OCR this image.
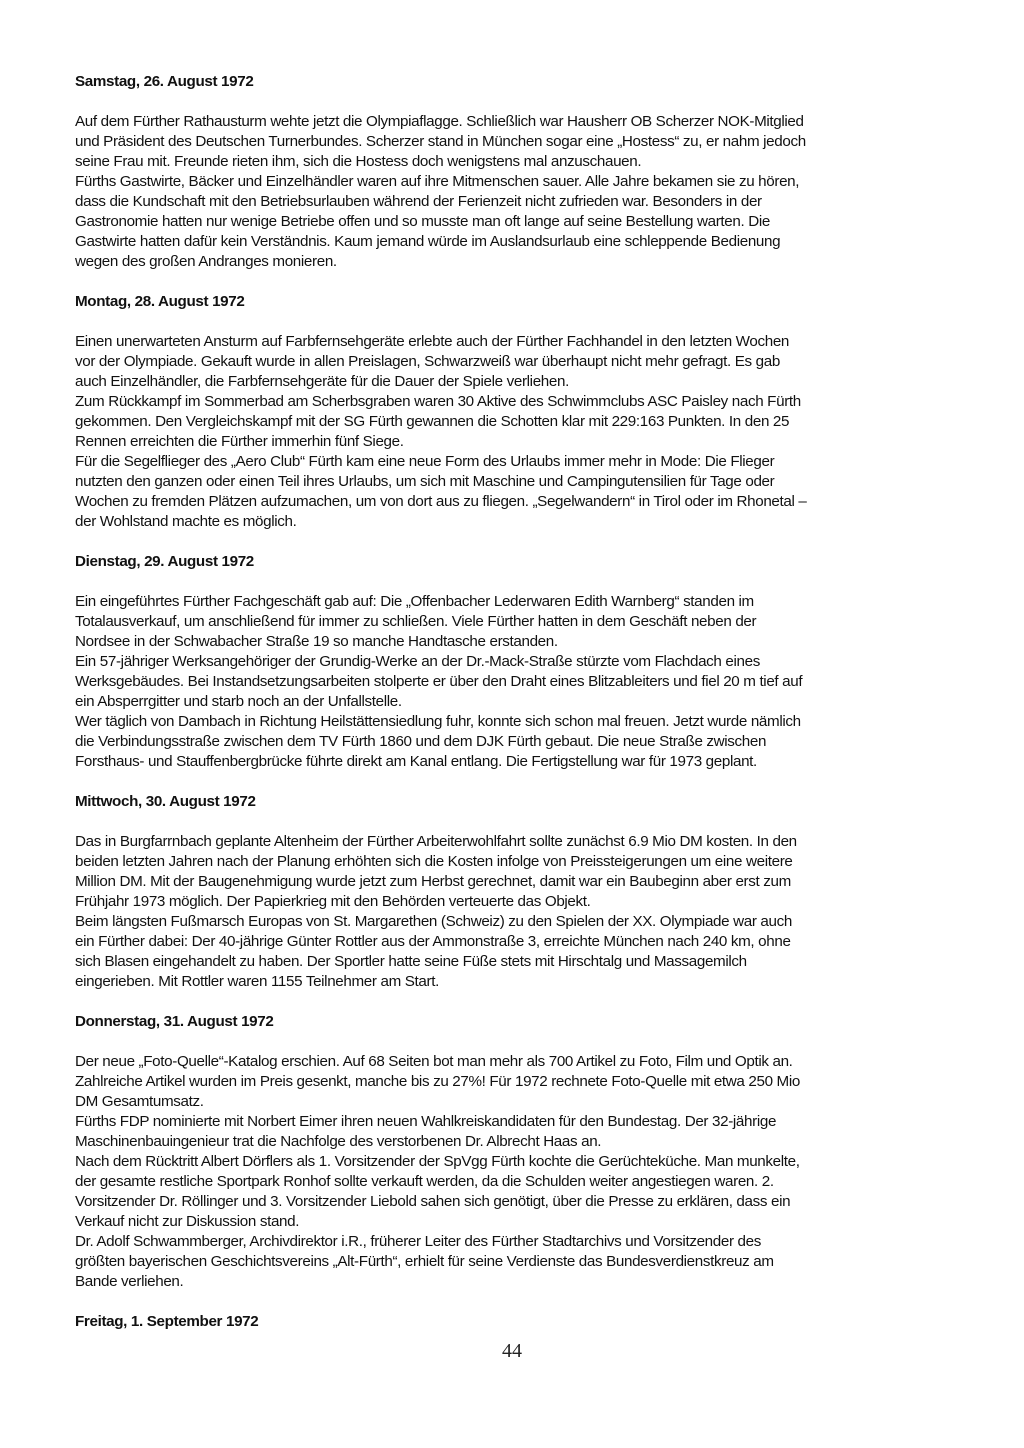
Samstag, 26. August 1972
Auf dem Fürther Rathausturm wehte jetzt die Olympiaflagge. Schließlich war Hausherr OB Scherzer NOK-Mitglied
und Präsident des Deutschen Turnerbundes. Scherzer stand in München sogar eine „Hostess“ zu, er nahm jedoch
seine Frau mit. Freunde rieten ihm, sich die Hostess doch wenigstens mal anzuschauen.
Fürths Gastwirte, Bäcker und Einzelhändler waren auf ihre Mitmenschen sauer. Alle Jahre bekamen sie zu hören,
dass die Kundschaft mit den Betriebsurlauben während der Ferienzeit nicht zufrieden war. Besonders in der
Gastronomie hatten nur wenige Betriebe offen und so musste man oft lange auf seine Bestellung warten. Die
Gastwirte hatten dafür kein Verständnis. Kaum jemand würde im Auslandsurlaub eine schleppende Bedienung
wegen des großen Andranges monieren.
Montag, 28. August 1972
Einen unerwarteten Ansturm auf Farbfernsehgeräte erlebte auch der Fürther Fachhandel in den letzten Wochen
vor der Olympiade. Gekauft wurde in allen Preislagen, Schwarzweiß war überhaupt nicht mehr gefragt. Es gab
auch Einzelhändler, die Farbfernsehgeräte für die Dauer der Spiele verliehen.
Zum Rückkampf im Sommerbad am Scherbsgraben waren 30 Aktive des Schwimmclubs ASC Paisley nach Fürth
gekommen. Den Vergleichskampf mit der SG Fürth gewannen die Schotten klar mit 229:163 Punkten. In den 25
Rennen erreichten die Fürther immerhin fünf Siege.
Für die Segelflieger des „Aero Club“ Fürth kam eine neue Form des Urlaubs immer mehr in Mode: Die Flieger
nutzten den ganzen oder einen Teil ihres Urlaubs, um sich mit Maschine und Campingutensilien für Tage oder
Wochen zu fremden Plätzen aufzumachen, um von dort aus zu fliegen. „Segelwandern“ in Tirol oder im Rhonetal –
der Wohlstand machte es möglich.
Dienstag, 29. August 1972
Ein eingeführtes Fürther Fachgeschäft gab auf: Die „Offenbacher Lederwaren Edith Warnberg“ standen im
Totalausverkauf, um anschließend für immer zu schließen. Viele Fürther hatten in dem Geschäft neben der
Nordsee in der Schwabacher Straße 19 so manche Handtasche erstanden.
Ein 57-jähriger Werksangehöriger der Grundig-Werke an der Dr.-Mack-Straße stürzte vom Flachdach eines
Werksgebäudes. Bei Instandsetzungsarbeiten stolperte er über den Draht eines Blitzableiters und fiel 20 m tief auf
ein Absperrgitter und starb noch an der Unfallstelle.
Wer täglich von Dambach in Richtung Heilstättensiedlung fuhr, konnte sich schon mal freuen. Jetzt wurde nämlich
die Verbindungsstraße zwischen dem TV Fürth 1860 und dem DJK Fürth gebaut. Die neue Straße zwischen
Forsthaus- und Stauffenbergbrücke führte direkt am Kanal entlang. Die Fertigstellung war für 1973 geplant.
Mittwoch, 30. August 1972
Das in Burgfarrnbach geplante Altenheim der Fürther Arbeiterwohlfahrt sollte zunächst 6.9 Mio DM kosten. In den
beiden letzten Jahren nach der Planung erhöhten sich die Kosten infolge von Preissteigerungen um eine weitere
Million DM. Mit der Baugenehmigung wurde jetzt zum Herbst gerechnet, damit war ein Baubeginn aber erst zum
Frühjahr 1973 möglich. Der Papierkrieg mit den Behörden verteuerte das Objekt.
Beim längsten Fußmarsch Europas von St. Margarethen (Schweiz) zu den Spielen der XX. Olympiade war auch
ein Fürther dabei: Der 40-jährige Günter Rottler aus der Ammonstraße 3, erreichte München nach 240 km, ohne
sich Blasen eingehandelt zu haben. Der Sportler hatte seine Füße stets mit Hirschtalg und Massagemilch
eingerieben. Mit Rottler waren 1155 Teilnehmer am Start.
Donnerstag, 31. August 1972
Der neue „Foto-Quelle“-Katalog erschien. Auf 68 Seiten bot man mehr als 700 Artikel zu Foto, Film und Optik an.
Zahlreiche Artikel wurden im Preis gesenkt, manche bis zu 27%! Für 1972 rechnete Foto-Quelle mit etwa 250 Mio
DM Gesamtumsatz.
Fürths FDP nominierte mit Norbert Eimer ihren neuen Wahlkreiskandidaten für den Bundestag. Der 32-jährige
Maschinenbauingenieur trat die Nachfolge des verstorbenen Dr. Albrecht Haas an.
Nach dem Rücktritt Albert Dörflers als 1. Vorsitzender der SpVgg Fürth kochte die Gerüchteküche. Man munkelte,
der gesamte restliche Sportpark Ronhof sollte verkauft werden, da die Schulden weiter angestiegen waren. 2.
Vorsitzender Dr. Röllinger und 3. Vorsitzender Liebold sahen sich genötigt, über die Presse zu erklären, dass ein
Verkauf nicht zur Diskussion stand.
Dr. Adolf Schwammberger, Archivdirektor i.R., früherer Leiter des Fürther Stadtarchivs und Vorsitzender des
größten bayerischen Geschichtsvereins „Alt-Fürth“, erhielt für seine Verdienste das Bundesverdienstkreuz am
Bande verliehen.
Freitag, 1. September 1972
44
